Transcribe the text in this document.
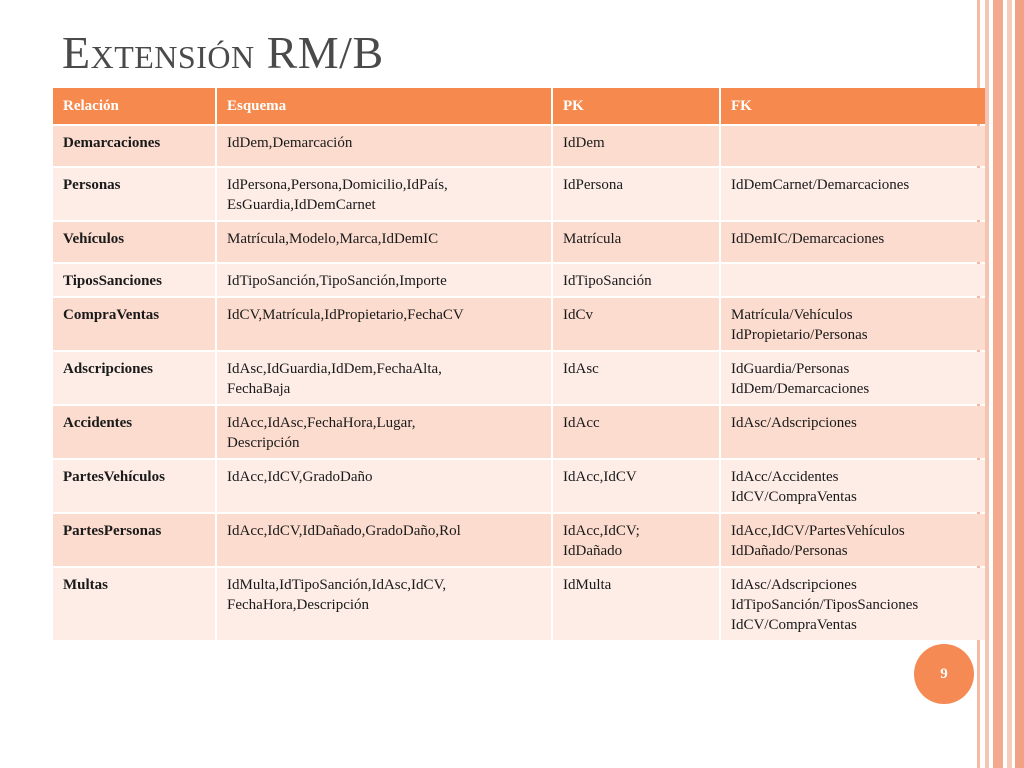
Extensión RM/B
Relación	Esquema	PK	FK
Demarcaciones	IdDem,Demarcación	IdDem	

Personas	IdPersona,Persona,Domicilio,IdPaís,
EsGuardia,IdDemCarnet	IdPersona	IdDemCarnet/Demarcaciones

Vehículos	Matrícula,Modelo,Marca,IdDemIC	Matrícula	IdDemIC/Demarcaciones

TiposSanciones	IdTipoSanción,TipoSanción,Importe	IdTipoSanción	

CompraVentas	IdCV,Matrícula,IdPropietario,FechaCV	IdCv	Matrícula/Vehículos
IdPropietario/Personas

Adscripciones	IdAsc,IdGuardia,IdDem,FechaAlta,
FechaBaja	IdAsc	IdGuardia/Personas
IdDem/Demarcaciones

Accidentes	IdAcc,IdAsc,FechaHora,Lugar,
Descripción	IdAcc	IdAsc/Adscripciones

PartesVehículos	IdAcc,IdCV,GradoDaño	IdAcc,IdCV	IdAcc/Accidentes
IdCV/CompraVentas

PartesPersonas	IdAcc,IdCV,IdDañado,GradoDaño,Rol	IdAcc,IdCV;
IdDañado	IdAcc,IdCV/PartesVehículos
IdDañado/Personas

Multas	IdMulta,IdTipoSanción,IdAsc,IdCV,
FechaHora,Descripción	IdMulta	IdAsc/Adscripciones
IdTipoSanción/TiposSanciones
IdCV/CompraVentas
9
